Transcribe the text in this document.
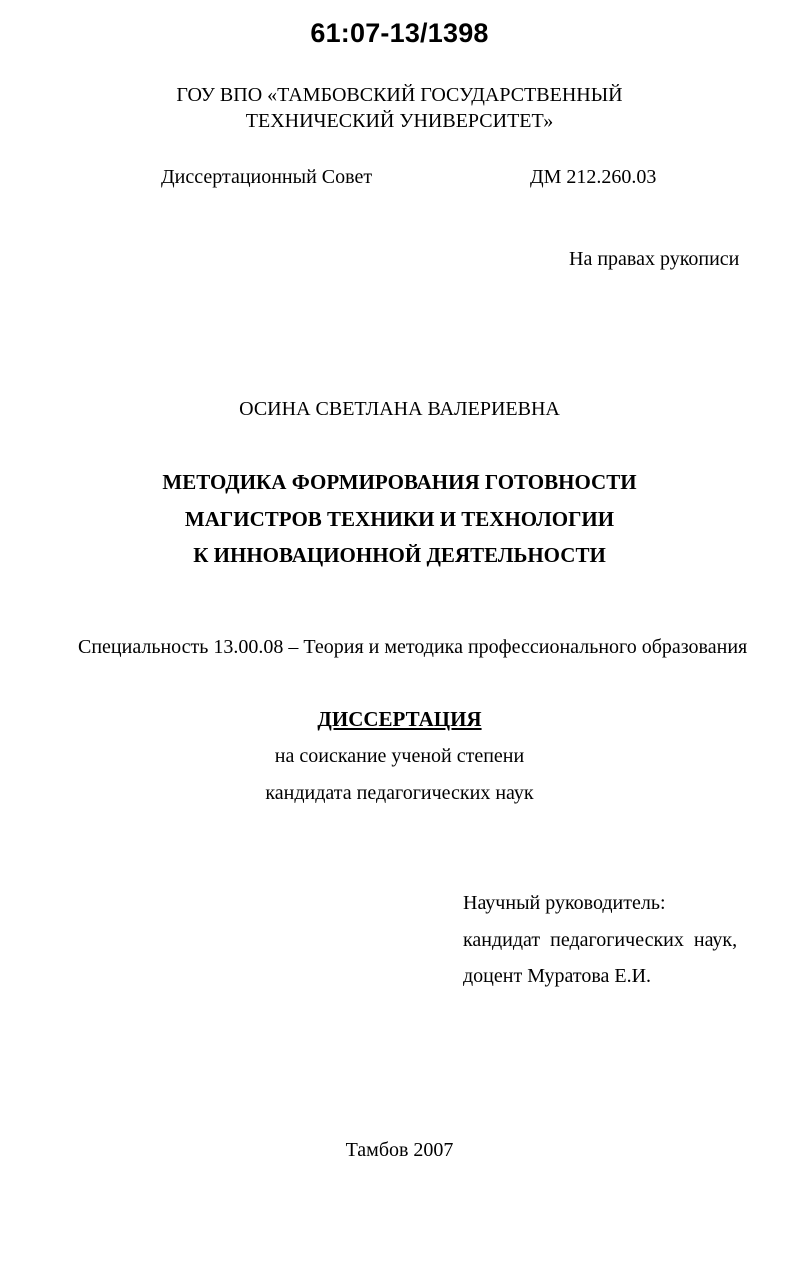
61:07-13/1398
ГОУ ВПО «ТАМБОВСКИЙ ГОСУДАРСТВЕННЫЙ
ТЕХНИЧЕСКИЙ УНИВЕРСИТЕТ»
Диссертационный Совет	ДМ 212.260.03
На правах рукописи
ОСИНА СВЕТЛАНА ВАЛЕРИЕВНА
МЕТОДИКА ФОРМИРОВАНИЯ ГОТОВНОСТИ
МАГИСТРОВ ТЕХНИКИ И ТЕХНОЛОГИИ
К ИННОВАЦИОННОЙ ДЕЯТЕЛЬНОСТИ
Специальность 13.00.08 – Теория и методика профессионального образования
ДИССЕРТАЦИЯ
на соискание ученой степени
кандидата педагогических наук
Научный руководитель:
кандидат  педагогических  наук,
доцент Муратова Е.И.
Тамбов 2007
